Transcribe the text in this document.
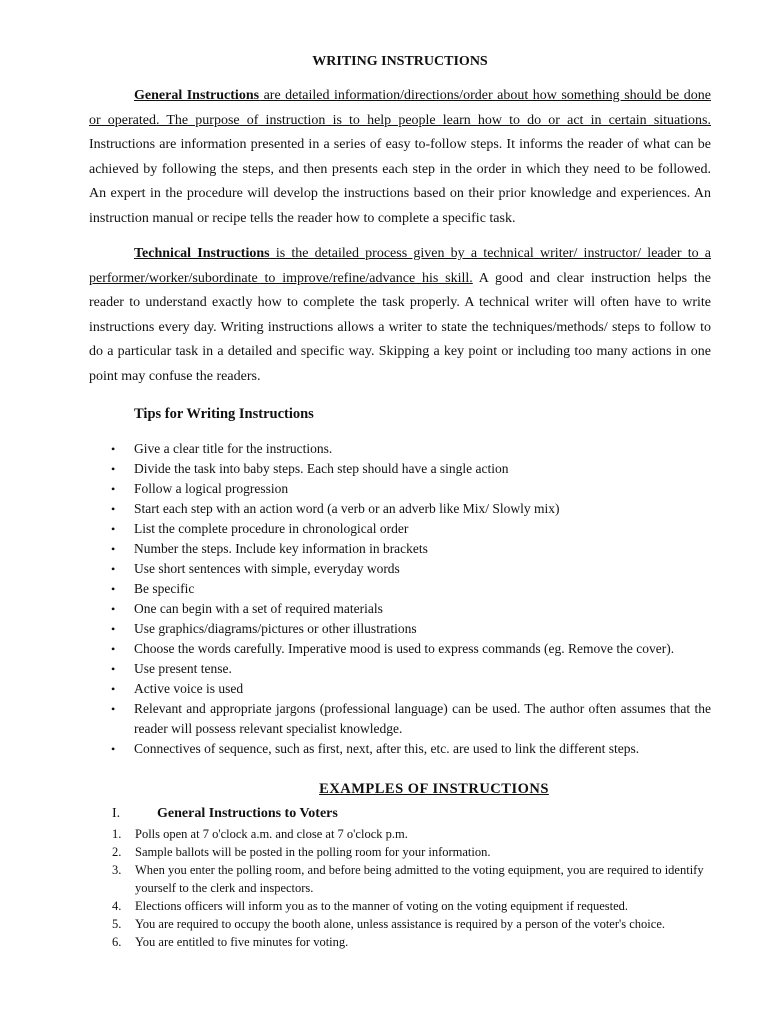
WRITING INSTRUCTIONS

General Instructions are detailed information/directions/order about how something should be done or operated. The purpose of instruction is to help people learn how to do or act in certain situations. Instructions are information presented in a series of easy to-follow steps. It informs the reader of what can be achieved by following the steps, and then presents each step in the order in which they need to be followed. An expert in the procedure will develop the instructions based on their prior knowledge and experiences. An instruction manual or recipe tells the reader how to complete a specific task.

Technical Instructions is the detailed process given by a technical writer/ instructor/ leader to a performer/worker/subordinate to improve/refine/advance his skill. A good and clear instruction helps the reader to understand exactly how to complete the task properly. A technical writer will often have to write instructions every day. Writing instructions allows a writer to state the techniques/methods/ steps to follow to do a particular task in a detailed and specific way. Skipping a key point or including too many actions in one point may confuse the readers.

Tips for Writing Instructions
• Give a clear title for the instructions.
• Divide the task into baby steps. Each step should have a single action
• Follow a logical progression
• Start each step with an action word (a verb or an adverb like Mix/ Slowly mix)
• List the complete procedure in chronological order
• Number the steps. Include key information in brackets
• Use short sentences with simple, everyday words
• Be specific
• One can begin with a set of required materials
• Use graphics/diagrams/pictures or other illustrations
• Choose the words carefully. Imperative mood is used to express commands (eg. Remove the cover).
• Use present tense.
• Active voice is used
• Relevant and appropriate jargons (professional language) can be used. The author often assumes that the reader will possess relevant specialist knowledge.
• Connectives of sequence, such as first, next, after this, etc. are used to link the different steps.
EXAMPLES OF INSTRUCTIONS
I.	General Instructions to Voters
1. Polls open at 7 o'clock a.m. and close at 7 o'clock p.m.
2. Sample ballots will be posted in the polling room for your information.
3. When you enter the polling room, and before being admitted to the voting equipment, you are required to identify yourself to the clerk and inspectors.
4. Elections officers will inform you as to the manner of voting on the voting equipment if requested.
5. You are required to occupy the booth alone, unless assistance is required by a person of the voter's choice.
6. You are entitled to five minutes for voting.
